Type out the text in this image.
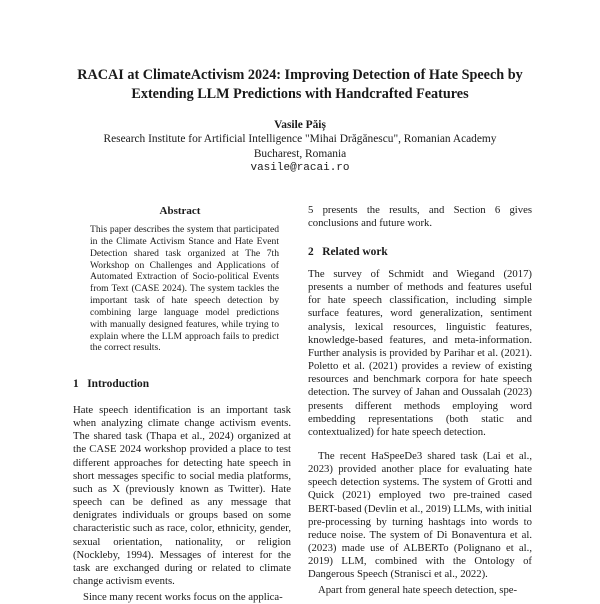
RACAI at ClimateActivism 2024: Improving Detection of Hate Speech by
Extending LLM Predictions with Handcrafted Features
Vasile Păiș
Research Institute for Artificial Intelligence "Mihai Drăgănescu", Romanian Academy
Bucharest, Romania
vasile@racai.ro
Abstract
This paper describes the system that participated in the Climate Activism Stance and Hate Event Detection shared task organized at The 7th Workshop on Challenges and Applications of Automated Extraction of Socio-political Events from Text (CASE 2024). The system tackles the important task of hate speech detection by combining large language model predictions with manually designed features, while trying to explain where the LLM approach fails to predict the correct results.
1 Introduction
Hate speech identification is an important task when analyzing climate change activism events. The shared task (Thapa et al., 2024) organized at the CASE 2024 workshop provided a place to test different approaches for detecting hate speech in short messages specific to social media platforms, such as X (previously known as Twitter). Hate speech can be defined as any message that denigrates individuals or groups based on some characteristic such as race, color, ethnicity, gender, sexual orientation, nationality, or religion (Nockleby, 1994). Messages of interest for the task are exchanged during or related to climate change activism events.
Since many recent works focus on the applica-
5 presents the results, and Section 6 gives conclusions and future work.
2 Related work
The survey of Schmidt and Wiegand (2017) presents a number of methods and features useful for hate speech classification, including simple surface features, word generalization, sentiment analysis, lexical resources, linguistic features, knowledge-based features, and meta-information. Further analysis is provided by Parihar et al. (2021). Poletto et al. (2021) provides a review of existing resources and benchmark corpora for hate speech detection. The survey of Jahan and Oussalah (2023) presents different methods employing word embedding representations (both static and contextualized) for hate speech detection.
The recent HaSpeeDe3 shared task (Lai et al., 2023) provided another place for evaluating hate speech detection systems. The system of Grotti and Quick (2021) employed two pre-trained cased BERT-based (Devlin et al., 2019) LLMs, with initial pre-processing by turning hashtags into words to reduce noise. The system of Di Bonaventura et al. (2023) made use of ALBERTo (Polignano et al., 2019) LLM, combined with the Ontology of Dangerous Speech (Stranisci et al., 2022).
Apart from general hate speech detection, spe-
